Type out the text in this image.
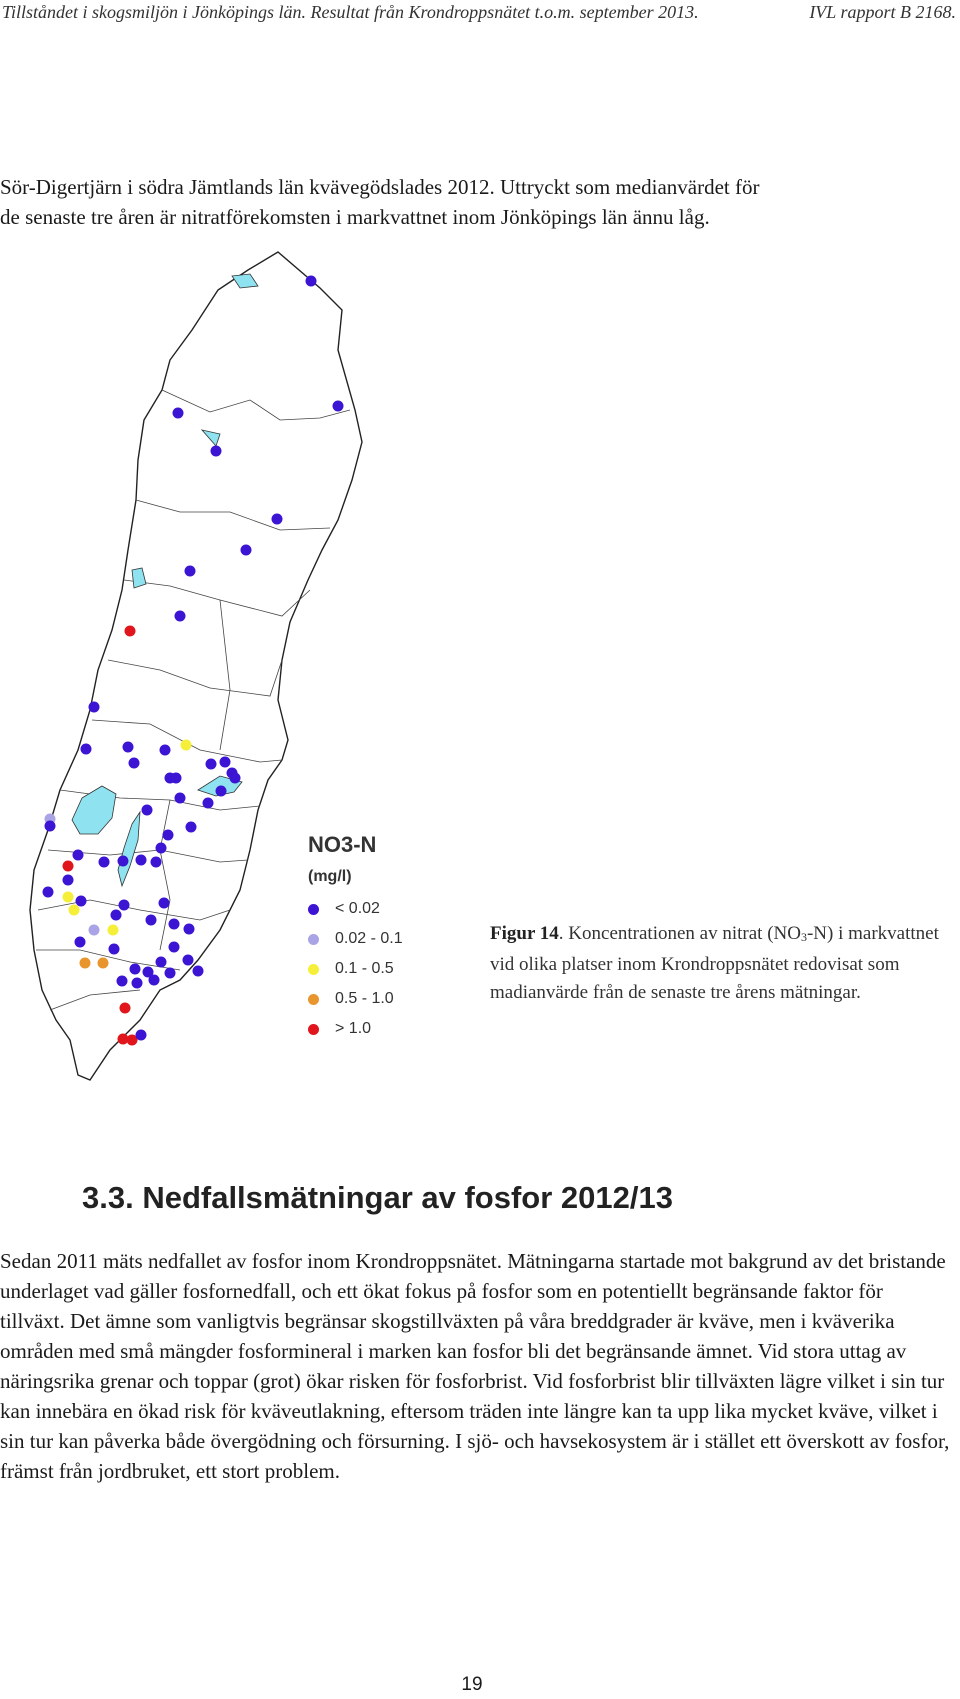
Tillståndet i skogsmiljön i Jönköpings län. Resultat från Krondroppsnätet t.o.m. september 2013.	IVL rapport B 2168.

Sör-Digertjärn i södra Jämtlands län kvävegödslades 2012. Uttryckt som medianvärdet för

de senaste tre åren är nitratförekomsten i markvattnet inom Jönköpings län ännu låg.

NO3-N
(mg/l)
< 0.02
0.02 - 0.1
0.1 - 0.5
0.5 - 1.0
> 1.0
Figur 14. Koncentrationen av nitrat $(NO_3-N)$ i markvattnet vid olika platser inom Krondroppsnätet redovisat som madianvärde från de senaste tre årens mätningar.
3.3. Nedfallsmätningar av fosfor 2012/13

Sedan 2011 mäts nedfallet av fosfor inom Krondroppsnätet. Mätningarna startade mot bakgrund av det bristande underlaget vad gäller fosfornedfall, och ett ökat fokus på fosfor som en potentiellt begränsande faktor för tillväxt. Det ämne som vanligtvis begränsar skogstillväxten på våra breddgrader är kväve, men i kväverika områden med små mängder fosformineral i marken kan fosfor bli det begränsande ämnet. Vid stora uttag av näringsrika grenar och toppar (grot) ökar risken för fosforbrist. Vid fosforbrist blir tillväxten lägre vilket i sin tur kan innebära en ökad risk för kväveutlakning, eftersom träden inte längre kan ta upp lika mycket kväve, vilket i sin tur kan påverka både övergödning och försurning. I sjö- och havsekosystem är i stället ett överskott av fosfor, främst från jordbruket, ett stort problem.

19
